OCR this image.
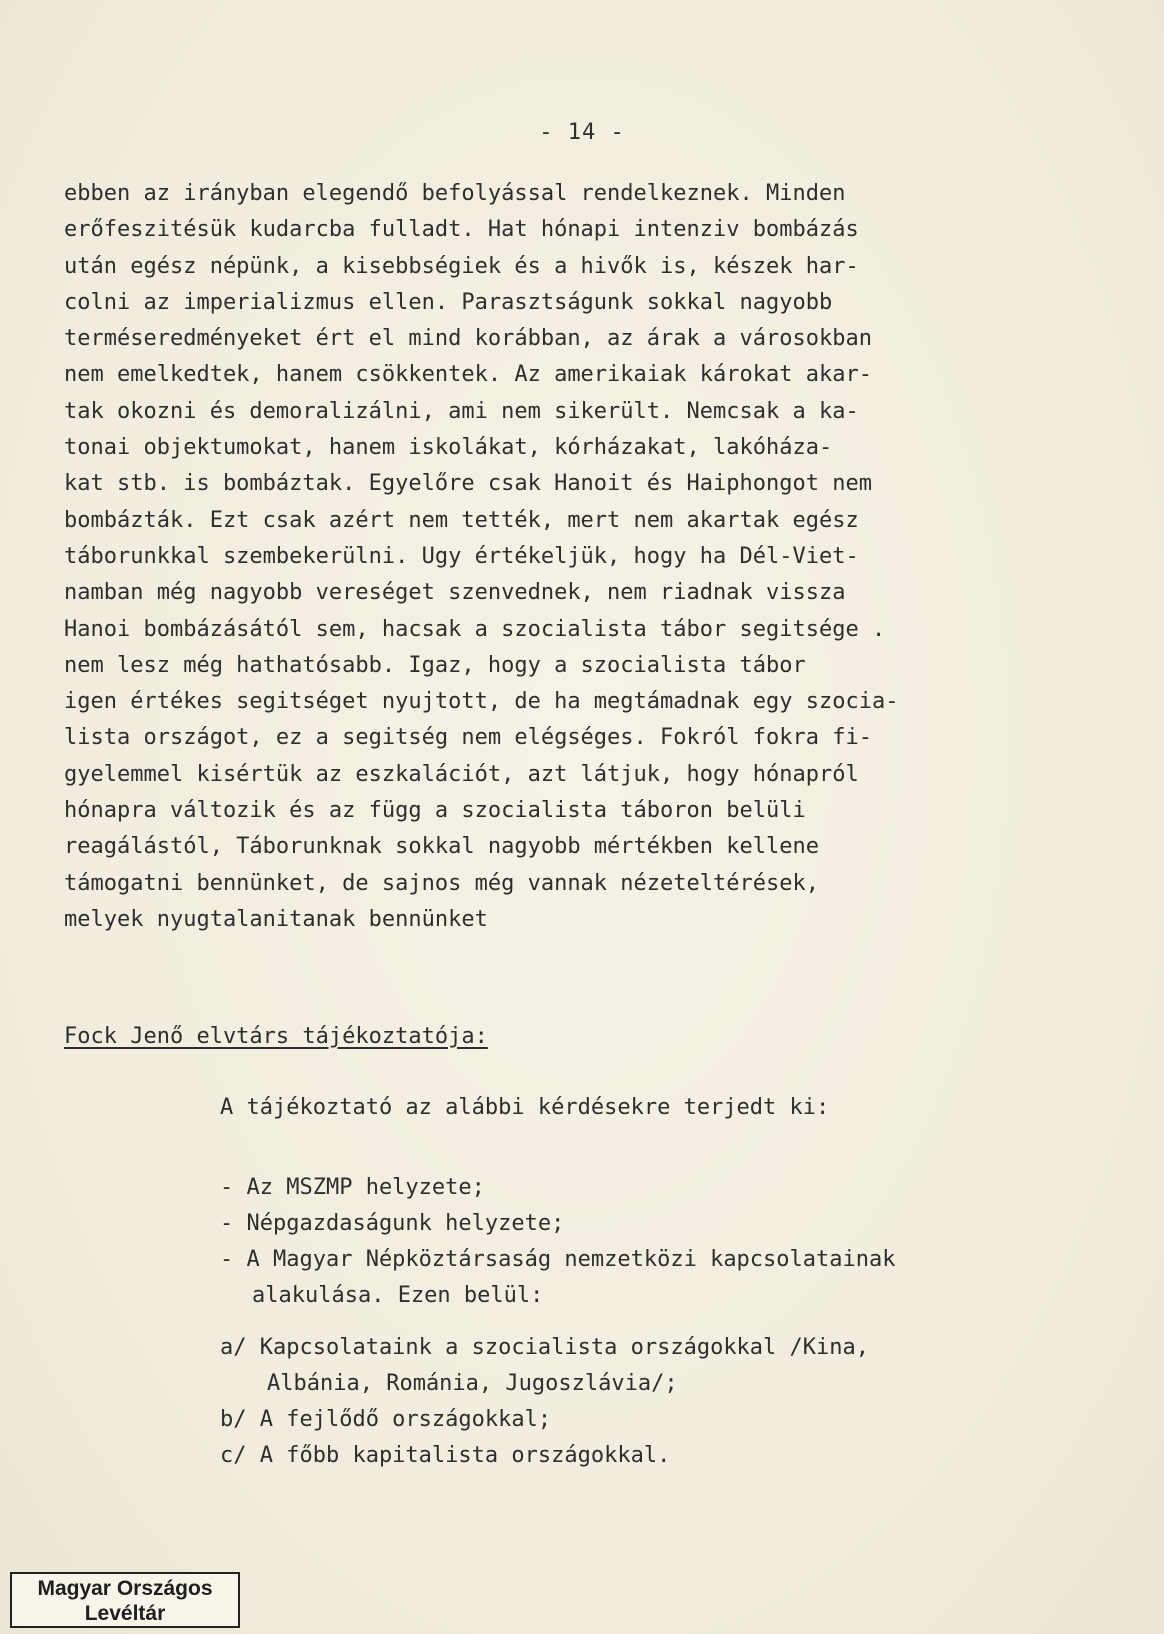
- 14 -
ebben az irányban elegendő befolyással rendelkeznek. Minden
erőfeszitésük kudarcba fulladt. Hat hónapi intenziv bombázás
után egész népünk, a kisebbségiek és a hivők is, készek har-
colni az imperializmus ellen. Parasztságunk sokkal nagyobb
terméseredményeket ért el mind korábban, az árak a városokban
nem emelkedtek, hanem csökkentek. Az amerikaiak károkat akar-
tak okozni és demoralizálni, ami nem sikerült. Nemcsak a ka-
tonai objektumokat, hanem iskolákat, kórházakat, lakóháza-
kat stb. is bombáztak. Egyelőre csak Hanoit és Haiphongot nem
bombázták. Ezt csak azért nem tették, mert nem akartak egész
táborunkkal szembekerülni. Ugy értékeljük, hogy ha Dél-Viet-
namban még nagyobb vereséget szenvednek, nem riadnak vissza
Hanoi bombázásától sem, hacsak a szocialista tábor segitsége .
nem lesz még hathatósabb. Igaz, hogy a szocialista tábor
igen értékes segitséget nyujtott, de ha megtámadnak egy szocia-
lista országot, ez a segitség nem elégséges. Fokról fokra fi-
gyelemmel kisértük az eszkalációt, azt látjuk, hogy hónapról
hónapra változik és az függ a szocialista táboron belüli
reagálástól, Táborunknak sokkal nagyobb mértékben kellene
támogatni bennünket, de sajnos még vannak nézeteltérések,
melyek nyugtalanitanak bennünket
Fock Jenő elvtárs tájékoztatója:
A tájékoztató az alábbi kérdésekre terjedt ki:
- Az MSZMP helyzete;
- Népgazdaságunk helyzete;
- A Magyar Népköztársaság nemzetközi kapcsolatainak
alakulása. Ezen belül:
a/ Kapcsolataink a szocialista országokkal /Kina,
Albánia, Románia, Jugoszlávia/;
b/ A fejlődő országokkal;
c/ A főbb kapitalista országokkal.
Magyar Országos
Levéltár
